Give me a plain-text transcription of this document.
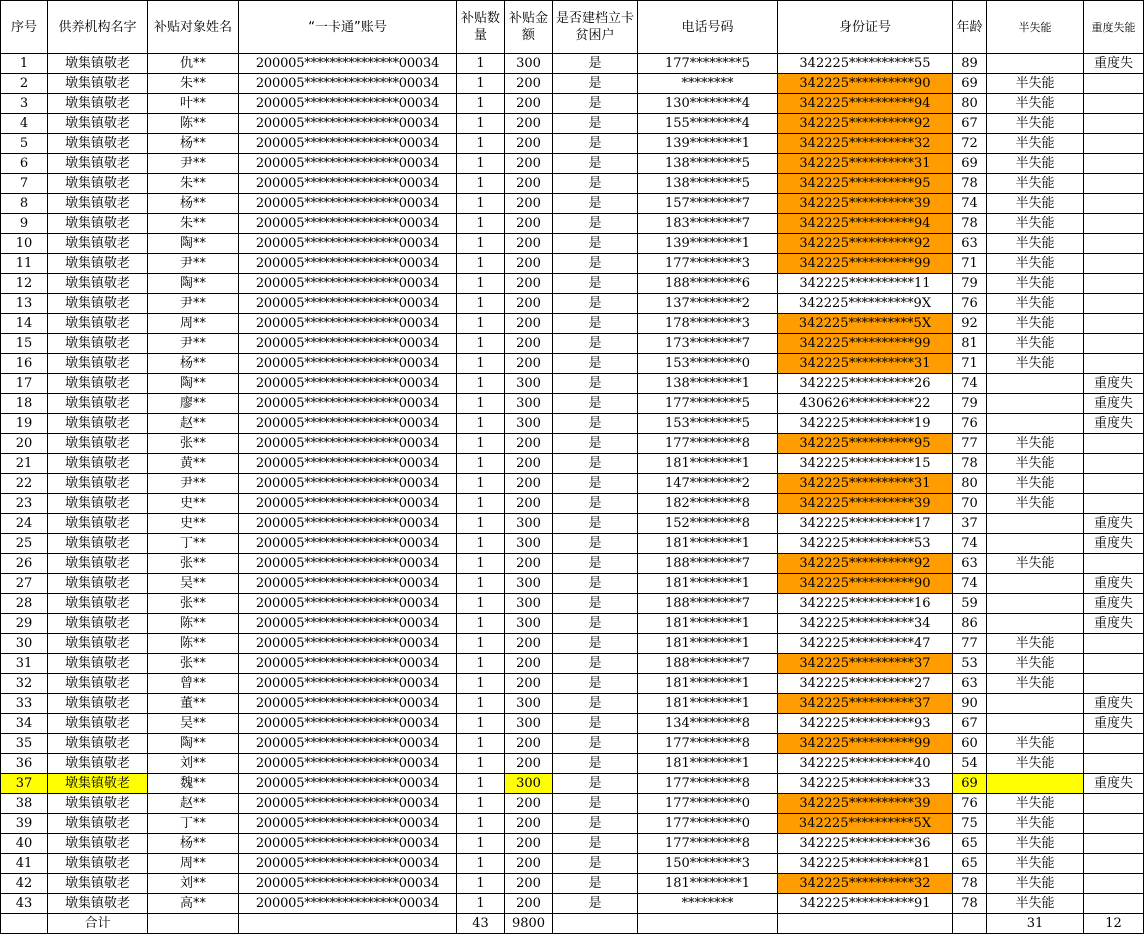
序号	供养机构名字	补贴对象姓名	“一卡通”账号	补贴数量	补贴金额	是否建档立卡贫困户	电话号码	身份证号	年龄	半失能	重度失能
1	墩集镇敬老	仇**	200005***************00034	1	300	是	177********5	342225**********55	89		重度失
2	墩集镇敬老	朱**	200005***************00034	1	200	是	********	342225**********90	69	半失能	
3	墩集镇敬老	叶**	200005***************00034	1	200	是	130********4	342225**********94	80	半失能	
4	墩集镇敬老	陈**	200005***************00034	1	200	是	155********4	342225**********92	67	半失能	
5	墩集镇敬老	杨**	200005***************00034	1	200	是	139********1	342225**********32	72	半失能	
6	墩集镇敬老	尹**	200005***************00034	1	200	是	138********5	342225**********31	69	半失能	
7	墩集镇敬老	朱**	200005***************00034	1	200	是	138********5	342225**********95	78	半失能	
8	墩集镇敬老	杨**	200005***************00034	1	200	是	157********7	342225**********39	74	半失能	
9	墩集镇敬老	朱**	200005***************00034	1	200	是	183********7	342225**********94	78	半失能	
10	墩集镇敬老	陶**	200005***************00034	1	200	是	139********1	342225**********92	63	半失能	
11	墩集镇敬老	尹**	200005***************00034	1	200	是	177********3	342225**********99	71	半失能	
12	墩集镇敬老	陶**	200005***************00034	1	200	是	188********6	342225**********11	79	半失能	
13	墩集镇敬老	尹**	200005***************00034	1	200	是	137********2	342225**********9X	76	半失能	
14	墩集镇敬老	周**	200005***************00034	1	200	是	178********3	342225**********5X	92	半失能	
15	墩集镇敬老	尹**	200005***************00034	1	200	是	173********7	342225**********99	81	半失能	
16	墩集镇敬老	杨**	200005***************00034	1	200	是	153********0	342225**********31	71	半失能	
17	墩集镇敬老	陶**	200005***************00034	1	300	是	138********1	342225**********26	74		重度失
18	墩集镇敬老	廖**	200005***************00034	1	300	是	177********5	430626**********22	79		重度失
19	墩集镇敬老	赵**	200005***************00034	1	300	是	153********5	342225**********19	76		重度失
20	墩集镇敬老	张**	200005***************00034	1	200	是	177********8	342225**********95	77	半失能	
21	墩集镇敬老	黄**	200005***************00034	1	200	是	181********1	342225**********15	78	半失能	
22	墩集镇敬老	尹**	200005***************00034	1	200	是	147********2	342225**********31	80	半失能	
23	墩集镇敬老	史**	200005***************00034	1	200	是	182********8	342225**********39	70	半失能	
24	墩集镇敬老	史**	200005***************00034	1	300	是	152********8	342225**********17	37		重度失
25	墩集镇敬老	丁**	200005***************00034	1	300	是	181********1	342225**********53	74		重度失
26	墩集镇敬老	张**	200005***************00034	1	200	是	188********7	342225**********92	63	半失能	
27	墩集镇敬老	吴**	200005***************00034	1	300	是	181********1	342225**********90	74		重度失
28	墩集镇敬老	张**	200005***************00034	1	300	是	188********7	342225**********16	59		重度失
29	墩集镇敬老	陈**	200005***************00034	1	300	是	181********1	342225**********34	86		重度失
30	墩集镇敬老	陈**	200005***************00034	1	200	是	181********1	342225**********47	77	半失能	
31	墩集镇敬老	张**	200005***************00034	1	200	是	188********7	342225**********37	53	半失能	
32	墩集镇敬老	曾**	200005***************00034	1	200	是	181********1	342225**********27	63	半失能	
33	墩集镇敬老	董**	200005***************00034	1	300	是	181********1	342225**********37	90		重度失
34	墩集镇敬老	吴**	200005***************00034	1	300	是	134********8	342225**********93	67		重度失
35	墩集镇敬老	陶**	200005***************00034	1	200	是	177********8	342225**********99	60	半失能	
36	墩集镇敬老	刘**	200005***************00034	1	200	是	181********1	342225**********40	54	半失能	
37	墩集镇敬老	魏**	200005***************00034	1	300	是	177********8	342225**********33	69		重度失
38	墩集镇敬老	赵**	200005***************00034	1	200	是	177********0	342225**********39	76	半失能	
39	墩集镇敬老	丁**	200005***************00034	1	200	是	177********0	342225**********5X	75	半失能	
40	墩集镇敬老	杨**	200005***************00034	1	200	是	177********8	342225**********36	65	半失能	
41	墩集镇敬老	周**	200005***************00034	1	200	是	150********3	342225**********81	65	半失能	
42	墩集镇敬老	刘**	200005***************00034	1	200	是	181********1	342225**********32	78	半失能	
43	墩集镇敬老	高**	200005***************00034	1	200	是	********	342225**********91	78	半失能	
	合计			43	9800					31	12
